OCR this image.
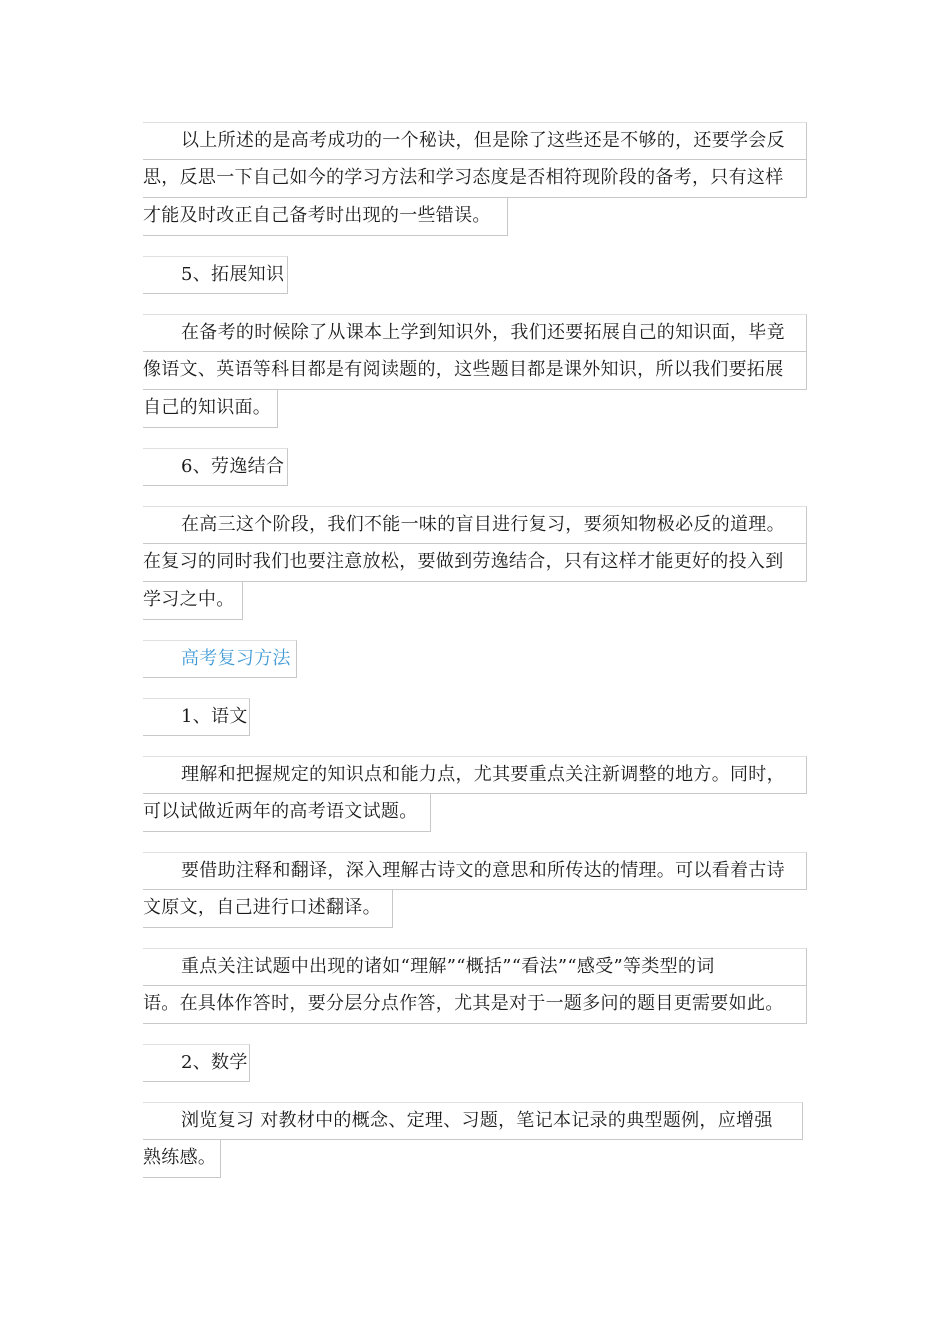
以上所述的是高考成功的一个秘诀，但是除了这些还是不够的，还要学会反
思，反思一下自己如今的学习方法和学习态度是否相符现阶段的备考，只有这样
才能及时改正自己备考时出现的一些错误。

5、拓展知识

在备考的时候除了从课本上学到知识外，我们还要拓展自己的知识面，毕竟
像语文、英语等科目都是有阅读题的，这些题目都是课外知识，所以我们要拓展
自己的知识面。

6、劳逸结合

在高三这个阶段，我们不能一味的盲目进行复习，要须知物极必反的道理。
在复习的同时我们也要注意放松，要做到劳逸结合，只有这样才能更好的投入到
学习之中。

高考复习方法

1、语文

理解和把握规定的知识点和能力点，尤其要重点关注新调整的地方。同时，
可以试做近两年的高考语文试题。

要借助注释和翻译，深入理解古诗文的意思和所传达的情理。可以看着古诗
文原文，自己进行口述翻译。

重点关注试题中出现的诸如“理解”“概括”“看法”“感受”等类型的词
语。在具体作答时，要分层分点作答，尤其是对于一题多问的题目更需要如此。

2、数学

浏览复习 对教材中的概念、定理、习题，笔记本记录的典型题例，应增强
熟练感。
